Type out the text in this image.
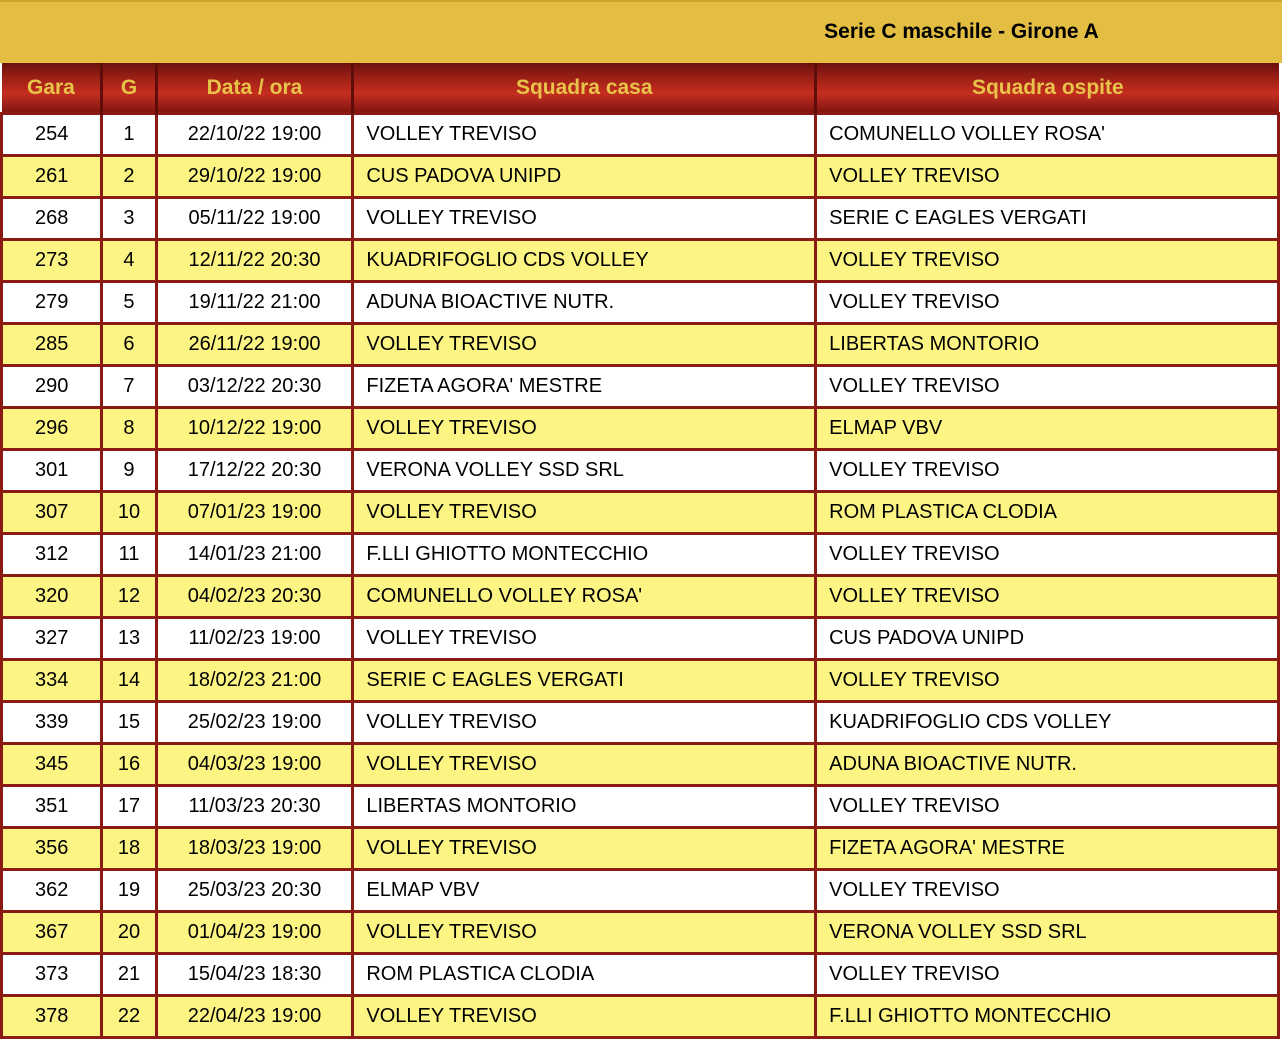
Serie C maschile - Girone A
Gara	G	Data / ora	Squadra casa	Squadra ospite
254	1	22/10/22 19:00	VOLLEY TREVISO	COMUNELLO VOLLEY ROSA'
261	2	29/10/22 19:00	CUS PADOVA UNIPD	VOLLEY TREVISO
268	3	05/11/22 19:00	VOLLEY TREVISO	SERIE C EAGLES VERGATI
273	4	12/11/22 20:30	KUADRIFOGLIO CDS VOLLEY	VOLLEY TREVISO
279	5	19/11/22 21:00	ADUNA BIOACTIVE NUTR.	VOLLEY TREVISO
285	6	26/11/22 19:00	VOLLEY TREVISO	LIBERTAS MONTORIO
290	7	03/12/22 20:30	FIZETA AGORA' MESTRE	VOLLEY TREVISO
296	8	10/12/22 19:00	VOLLEY TREVISO	ELMAP VBV
301	9	17/12/22 20:30	VERONA VOLLEY SSD SRL	VOLLEY TREVISO
307	10	07/01/23 19:00	VOLLEY TREVISO	ROM PLASTICA CLODIA
312	11	14/01/23 21:00	F.LLI GHIOTTO MONTECCHIO	VOLLEY TREVISO
320	12	04/02/23 20:30	COMUNELLO VOLLEY ROSA'	VOLLEY TREVISO
327	13	11/02/23 19:00	VOLLEY TREVISO	CUS PADOVA UNIPD
334	14	18/02/23 21:00	SERIE C EAGLES VERGATI	VOLLEY TREVISO
339	15	25/02/23 19:00	VOLLEY TREVISO	KUADRIFOGLIO CDS VOLLEY
345	16	04/03/23 19:00	VOLLEY TREVISO	ADUNA BIOACTIVE NUTR.
351	17	11/03/23 20:30	LIBERTAS MONTORIO	VOLLEY TREVISO
356	18	18/03/23 19:00	VOLLEY TREVISO	FIZETA AGORA' MESTRE
362	19	25/03/23 20:30	ELMAP VBV	VOLLEY TREVISO
367	20	01/04/23 19:00	VOLLEY TREVISO	VERONA VOLLEY SSD SRL
373	21	15/04/23 18:30	ROM PLASTICA CLODIA	VOLLEY TREVISO
378	22	22/04/23 19:00	VOLLEY TREVISO	F.LLI GHIOTTO MONTECCHIO
